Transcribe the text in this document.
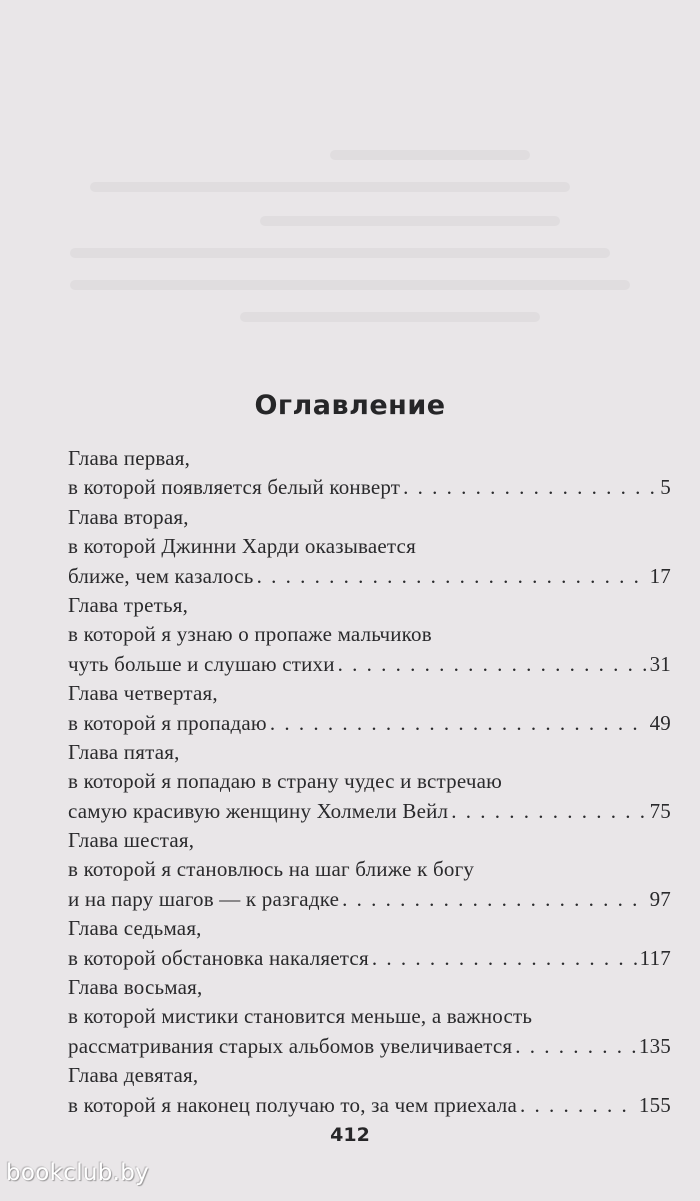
Оглавление
Глава первая,
в которой появляется белый конверт . . .	5
Глава вторая,
в которой Джинни Харди оказывается
ближе, чем казалось . . .	17
Глава третья,
в которой я узнаю о пропаже мальчиков
чуть больше и слушаю стихи . . .	31
Глава четвертая,
в которой я пропадаю . . .	49
Глава пятая,
в которой я попадаю в страну чудес и встречаю
самую красивую женщину Холмели Вейл . . .	75
Глава шестая,
в которой я становлюсь на шаг ближе к богу
и на пару шагов — к разгадке . . .	97
Глава седьмая,
в которой обстановка накаляется . . .	117
Глава восьмая,
в которой мистики становится меньше, а важность
рассматривания старых альбомов увеличивается . . .	135
Глава девятая,
в которой я наконец получаю то, за чем приехала . . .	155
412
bookclub.by
